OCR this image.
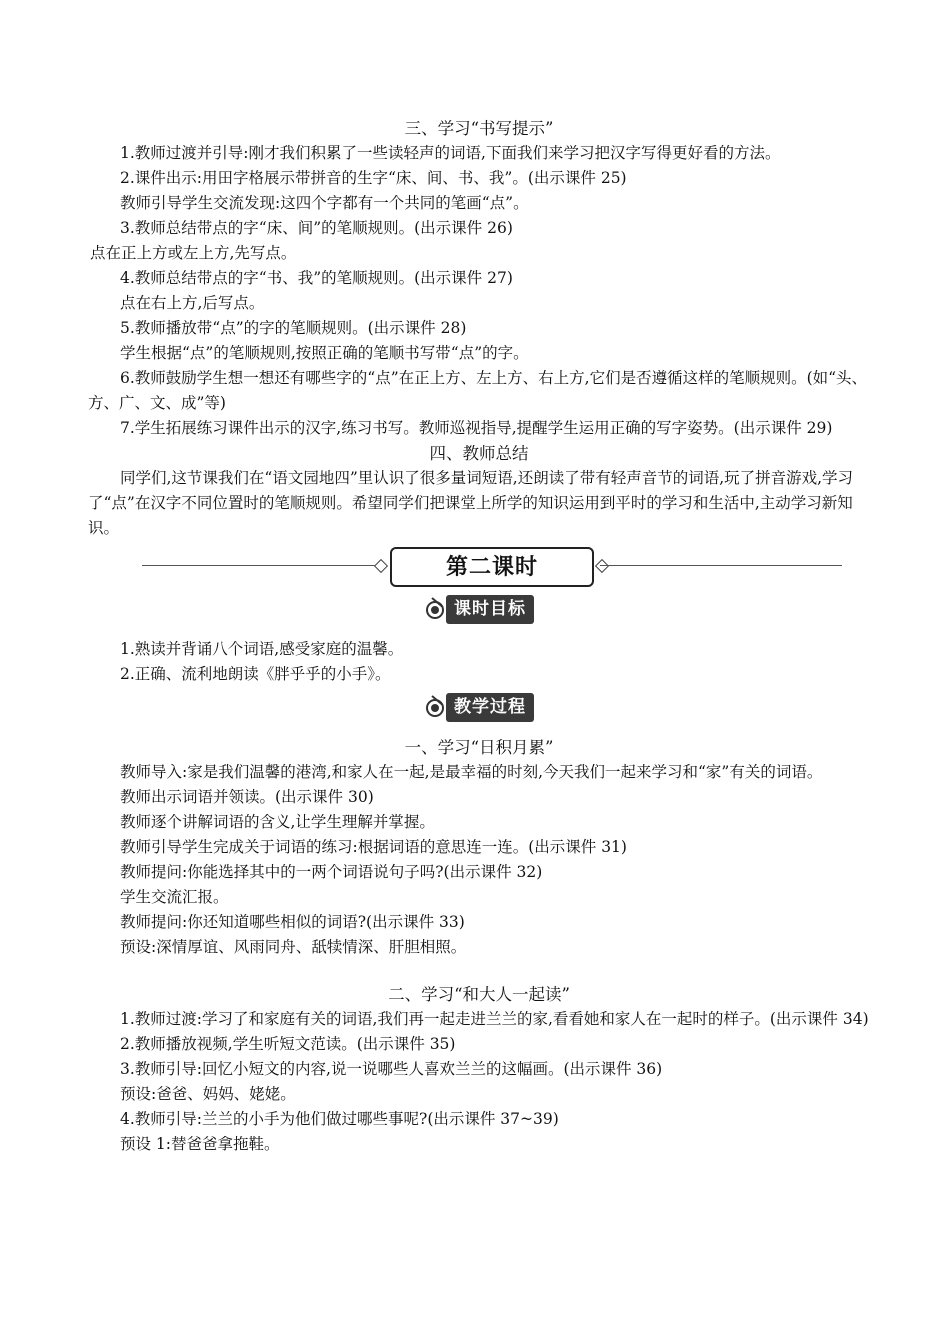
三、学习“书写提示”

1.教师过渡并引导:刚才我们积累了一些读轻声的词语,下面我们来学习把汉字写得更好看的方法。

2.课件出示:用田字格展示带拼音的生字“床、间、书、我”。(出示课件 25)

教师引导学生交流发现:这四个字都有一个共同的笔画“点”。

3.教师总结带点的字“床、间”的笔顺规则。(出示课件 26)

点在正上方或左上方,先写点。

4.教师总结带点的字“书、我”的笔顺规则。(出示课件 27)

点在右上方,后写点。

5.教师播放带“点”的字的笔顺规则。(出示课件 28)

学生根据“点”的笔顺规则,按照正确的笔顺书写带“点”的字。

6.教师鼓励学生想一想还有哪些字的“点”在正上方、左上方、右上方,它们是否遵循这样的笔顺规则。(如“头、方、广、文、成”等)

7.学生拓展练习课件出示的汉字,练习书写。教师巡视指导,提醒学生运用正确的写字姿势。(出示课件 29)

四、教师总结

同学们,这节课我们在“语文园地四”里认识了很多量词短语,还朗读了带有轻声音节的词语,玩了拼音游戏,学习了“点”在汉字不同位置时的笔顺规则。希望同学们把课堂上所学的知识运用到平时的学习和生活中,主动学习新知识。

第二课时
课时目标

1.熟读并背诵八个词语,感受家庭的温馨。

2.正确、流利地朗读《胖乎乎的小手》。

教学过程

一、学习“日积月累”

教师导入:家是我们温馨的港湾,和家人在一起,是最幸福的时刻,今天我们一起来学习和“家”有关的词语。

教师出示词语并领读。(出示课件 30)

教师逐个讲解词语的含义,让学生理解并掌握。

教师引导学生完成关于词语的练习:根据词语的意思连一连。(出示课件 31)

教师提问:你能选择其中的一两个词语说句子吗?(出示课件 32)

学生交流汇报。

教师提问:你还知道哪些相似的词语?(出示课件 33)

预设:深情厚谊、风雨同舟、舐犊情深、肝胆相照。

二、学习“和大人一起读”

1.教师过渡:学习了和家庭有关的词语,我们再一起走进兰兰的家,看看她和家人在一起时的样子。(出示课件 34)

2.教师播放视频,学生听短文范读。(出示课件 35)

3.教师引导:回忆小短文的内容,说一说哪些人喜欢兰兰的这幅画。(出示课件 36)

预设:爸爸、妈妈、姥姥。

4.教师引导:兰兰的小手为他们做过哪些事呢?(出示课件 37~39)

预设 1:替爸爸拿拖鞋。
